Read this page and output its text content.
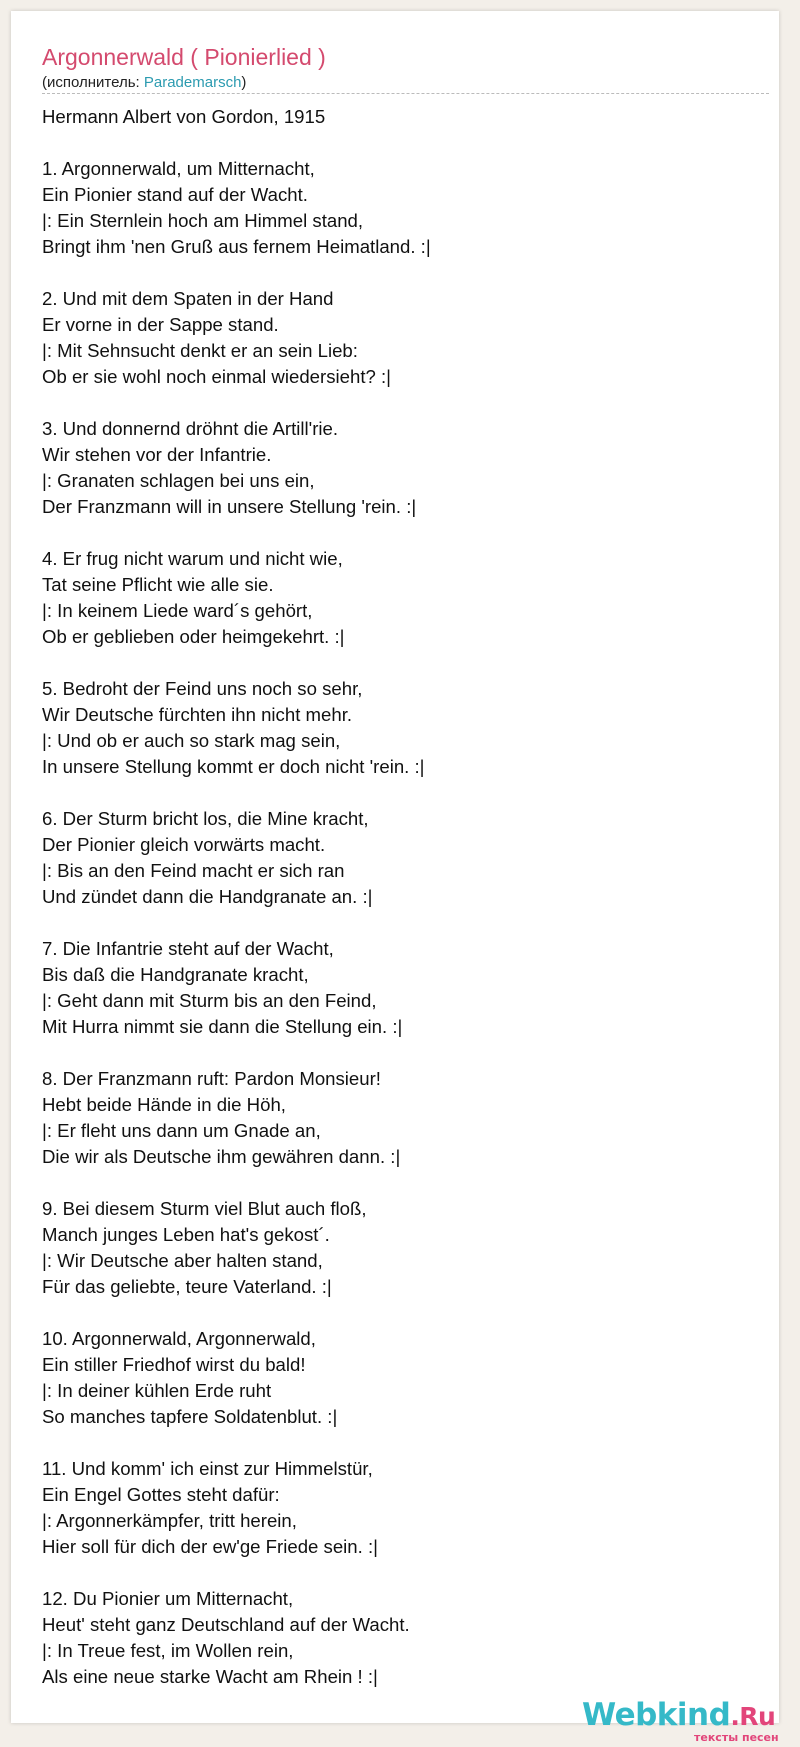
Argonnerwald ( Pionierlied )
(исполнитель: Parademarsch)
Hermann Albert von Gordon, 1915
1. Argonnerwald, um Mitternacht,
Ein Pionier stand auf der Wacht.
|: Ein Sternlein hoch am Himmel stand,
Bringt ihm 'nen Gruß aus fernem Heimatland. :|
2. Und mit dem Spaten in der Hand
Er vorne in der Sappe stand.
|: Mit Sehnsucht denkt er an sein Lieb:
Ob er sie wohl noch einmal wiedersieht? :|
3. Und donnernd dröhnt die Artill'rie.
Wir stehen vor der Infantrie.
|: Granaten schlagen bei uns ein,
Der Franzmann will in unsere Stellung 'rein. :|
4. Er frug nicht warum und nicht wie,
Tat seine Pflicht wie alle sie.
|: In keinem Liede ward´s gehört,
Ob er geblieben oder heimgekehrt. :|
5. Bedroht der Feind uns noch so sehr,
Wir Deutsche fürchten ihn nicht mehr.
|: Und ob er auch so stark mag sein,
In unsere Stellung kommt er doch nicht 'rein. :|
6. Der Sturm bricht los, die Mine kracht,
Der Pionier gleich vorwärts macht.
|: Bis an den Feind macht er sich ran
Und zündet dann die Handgranate an. :|
7. Die Infantrie steht auf der Wacht,
Bis daß die Handgranate kracht,
|: Geht dann mit Sturm bis an den Feind,
Mit Hurra nimmt sie dann die Stellung ein. :|
8. Der Franzmann ruft: Pardon Monsieur!
Hebt beide Hände in die Höh,
|: Er fleht uns dann um Gnade an,
Die wir als Deutsche ihm gewähren dann. :|
9. Bei diesem Sturm viel Blut auch floß,
Manch junges Leben hat's gekost´.
|: Wir Deutsche aber halten stand,
Für das geliebte, teure Vaterland. :|
10. Argonnerwald, Argonnerwald,
Ein stiller Friedhof wirst du bald!
|: In deiner kühlen Erde ruht
So manches tapfere Soldatenblut. :|
11. Und komm' ich einst zur Himmelstür,
Ein Engel Gottes steht dafür:
|: Argonnerkämpfer, tritt herein,
Hier soll für dich der ew'ge Friede sein. :|
12. Du Pionier um Mitternacht,
Heut' steht ganz Deutschland auf der Wacht.
|: In Treue fest, im Wollen rein,
Als eine neue starke Wacht am Rhein ! :|
Webkind.Ru
тексты песен
